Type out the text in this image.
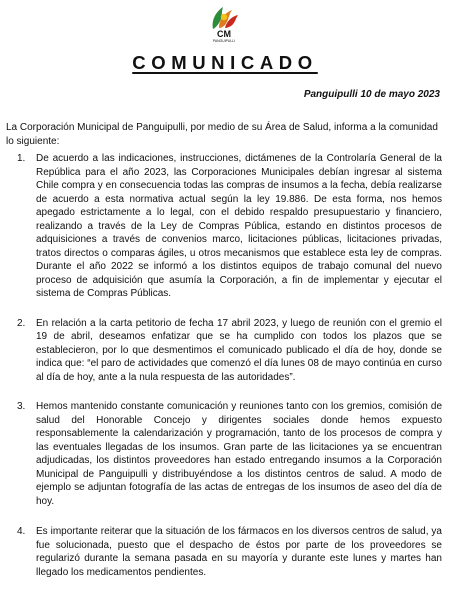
CM
PANGUIPULLI
COMUNICADO
Panguipulli 10 de mayo 2023

La Corporación Municipal de Panguipulli, por medio de su Área de Salud, informa a la comunidad lo siguiente:

1. De acuerdo a las indicaciones, instrucciones, dictámenes de la Controlaría General de la República para el año 2023, las Corporaciones Municipales debían ingresar al sistema Chile compra y en consecuencia todas las compras de insumos a la fecha, debía realizarse de acuerdo a esta normativa actual según la ley 19.886. De esta forma, nos hemos apegado estrictamente a lo legal, con el debido respaldo presupuestario y financiero, realizando a través de la Ley de Compras Pública, estando en distintos procesos de adquisiciones a través de convenios marco, licitaciones públicas, licitaciones privadas, tratos directos o comparas ágiles, u otros mecanismos que establece esta ley de compras. Durante el año 2022 se informó a los distintos equipos de trabajo comunal del nuevo proceso de adquisición que asumía la Corporación, a fin de implementar y ejecutar el sistema de Compras Públicas.
2. En relación a la carta petitorio de fecha 17 abril 2023, y luego de reunión con el gremio el 19 de abril, deseamos enfatizar que se ha cumplido con todos los plazos que se establecieron, por lo que desmentimos el comunicado publicado el día de hoy, donde se indica que: “el paro de actividades que comenzó el día lunes 08 de mayo continúa en curso al día de hoy, ante a la nula respuesta de las autoridades”.
3. Hemos mantenido constante comunicación y reuniones tanto con los gremios, comisión de salud del Honorable Concejo y dirigentes sociales donde hemos expuesto responsablemente la calendarización y programación, tanto de los procesos de compra y las eventuales llegadas de los insumos. Gran parte de las licitaciones ya se encuentran adjudicadas, los distintos proveedores han estado entregando insumos a la Corporación Municipal de Panguipulli y distribuyéndose a los distintos centros de salud. A modo de ejemplo se adjuntan fotografía de las actas de entregas de los insumos de aseo del día de hoy.
4. Es importante reiterar que la situación de los fármacos en los diversos centros de salud, ya fue solucionada, puesto que el despacho de éstos por parte de los proveedores se regularizó durante la semana pasada en su mayoría y durante este lunes y martes han llegado los medicamentos pendientes.
